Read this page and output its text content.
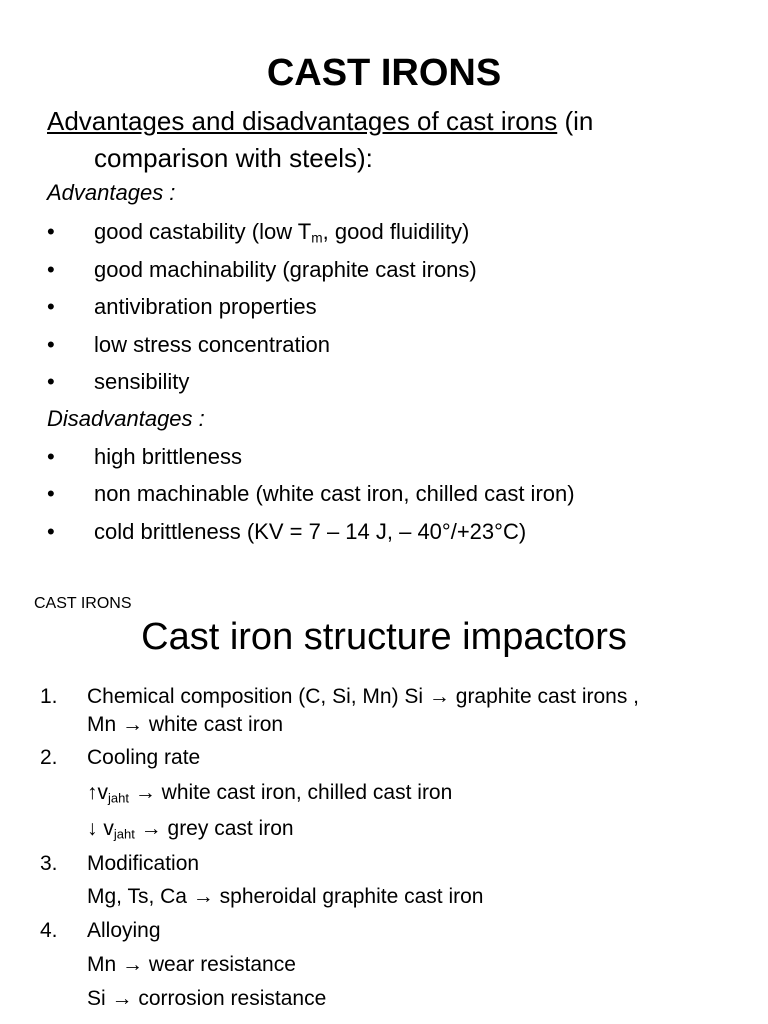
CAST IRONS
Advantages and disadvantages of cast irons (in
comparison with steels):
Advantages :
• good castability (low $T_m$, good fluidility)
• good machinability (graphite cast irons)
• antivibration properties
• low stress concentration
• sensibility
Disadvantages :
• high brittleness
• non machinable (white cast iron, chilled cast iron)
• cold brittleness (KV = 7 – 14 J, – 40°/+23°C)
CAST IRONS
Cast iron structure impactors
1. Chemical composition (C, Si, Mn) Si → graphite cast irons ,
Mn → white cast iron
2. Cooling rate
$↑v_{jaht}$ → white cast iron, chilled cast iron
↓ $v_{jaht}$ → grey cast iron
3. Modification
Mg, Ts, Ca → spheroidal graphite cast iron
4. Alloying
Mn → wear resistance
Si → corrosion resistance
